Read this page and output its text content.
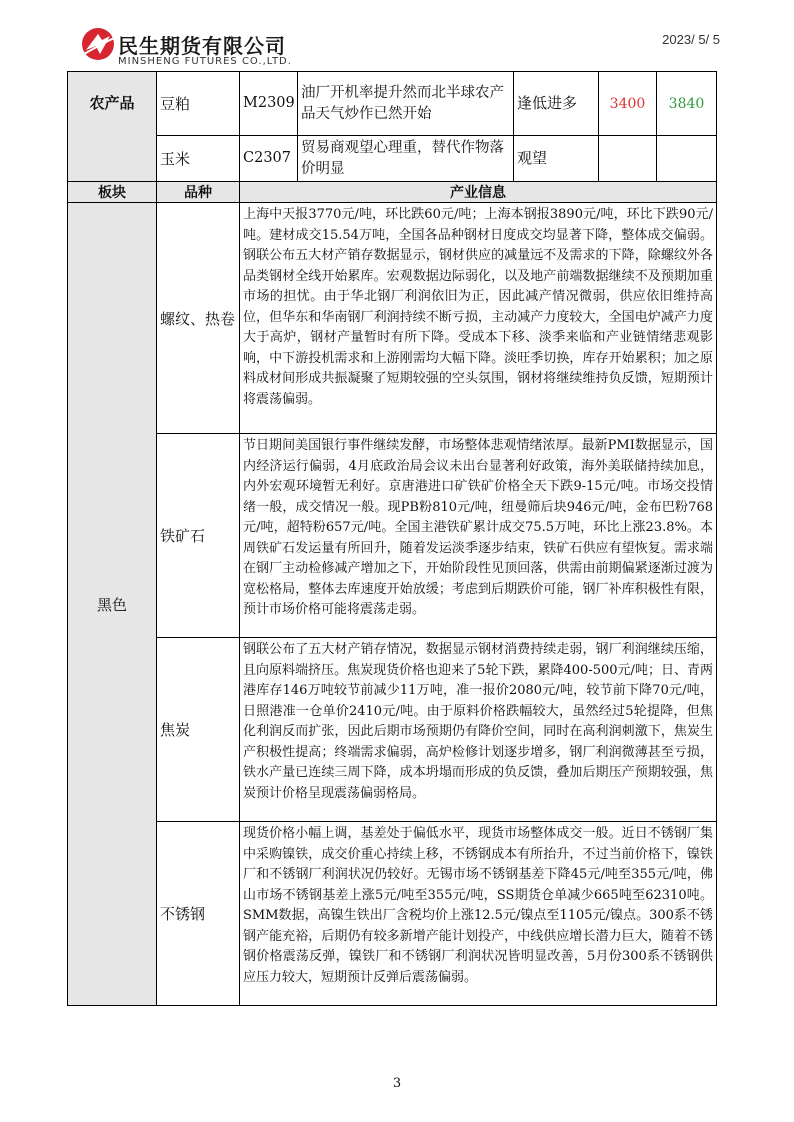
民生期货有限公司
MINSHENG FUTURES CO.,LTD.
2023/ 5/ 5
农产品	豆粕	M2309	油厂开机率提升然而北半球农产品天气炒作已然开始	逢低进多	3400	3840
	玉米	C2307	贸易商观望心理重，替代作物落价明显	观望		
板块	品种	产业信息				
黑色	螺纹、热卷	上海中天报3770元/吨，环比跌60元/吨；上海本钢报3890元/吨，环比下跌90元/吨。建材成交15.54万吨，全国各品种钢材日度成交均显著下降，整体成交偏弱。钢联公布五大材产销存数据显示，钢材供应的减量远不及需求的下降，除螺纹外各品类钢材全线开始累库。宏观数据边际弱化，以及地产前端数据继续不及预期加重市场的担忧。由于华北钢厂利润依旧为正，因此减产情况微弱，供应依旧维持高位，但华东和华南钢厂利润持续不断亏损，主动减产力度较大，全国电炉减产力度大于高炉，钢材产量暂时有所下降。受成本下移、淡季来临和产业链情绪悲观影响，中下游投机需求和上游刚需均大幅下降。淡旺季切换，库存开始累积；加之原料成材间形成共振凝聚了短期较强的空头氛围，钢材将继续维持负反馈，短期预计将震荡偏弱。				
	铁矿石	节日期间美国银行事件继续发酵，市场整体悲观情绪浓厚。最新PMI数据显示，国内经济运行偏弱，4月底政治局会议未出台显著利好政策，海外美联储持续加息，内外宏观环境暂无利好。京唐港进口矿铁矿价格全天下跌9-15元/吨。市场交投情绪一般，成交情况一般。现PB粉810元/吨，纽曼筛后块946元/吨，金布巴粉768元/吨，超特粉657元/吨。全国主港铁矿累计成交75.5万吨，环比上涨23.8%。本周铁矿石发运量有所回升，随着发运淡季逐步结束，铁矿石供应有望恢复。需求端在钢厂主动检修减产增加之下，开始阶段性见顶回落，供需由前期偏紧逐渐过渡为宽松格局，整体去库速度开始放缓；考虑到后期跌价可能，钢厂补库积极性有限，预计市场价格可能将震荡走弱。				
	焦炭	钢联公布了五大材产销存情况，数据显示钢材消费持续走弱，钢厂利润继续压缩，且向原料端挤压。焦炭现货价格也迎来了5轮下跌，累降400-500元/吨；日、青两港库存146万吨较节前减少11万吨，准一报价2080元/吨，较节前下降70元/吨，日照港准一仓单价2410元/吨。由于原料价格跌幅较大，虽然经过5轮提降，但焦化利润反而扩张，因此后期市场预期仍有降价空间，同时在高利润刺激下，焦炭生产积极性提高；终端需求偏弱，高炉检修计划逐步增多，钢厂利润微薄甚至亏损，铁水产量已连续三周下降，成本坍塌而形成的负反馈，叠加后期压产预期较强，焦炭预计价格呈现震荡偏弱格局。				
	不锈钢	现货价格小幅上调，基差处于偏低水平，现货市场整体成交一般。近日不锈钢厂集中采购镍铁，成交价重心持续上移，不锈钢成本有所抬升，不过当前价格下，镍铁厂和不锈钢厂利润状况仍较好。无锡市场不锈钢基差下降45元/吨至355元/吨，佛山市场不锈钢基差上涨5元/吨至355元/吨，SS期货仓单减少665吨至62310吨。SMM数据，高镍生铁出厂含税均价上涨12.5元/镍点至1105元/镍点。300系不锈钢产能充裕，后期仍有较多新增产能计划投产，中线供应增长潜力巨大，随着不锈钢价格震荡反弹，镍铁厂和不锈钢厂利润状况皆明显改善，5月份300系不锈钢供应压力较大，短期预计反弹后震荡偏弱。				
3
